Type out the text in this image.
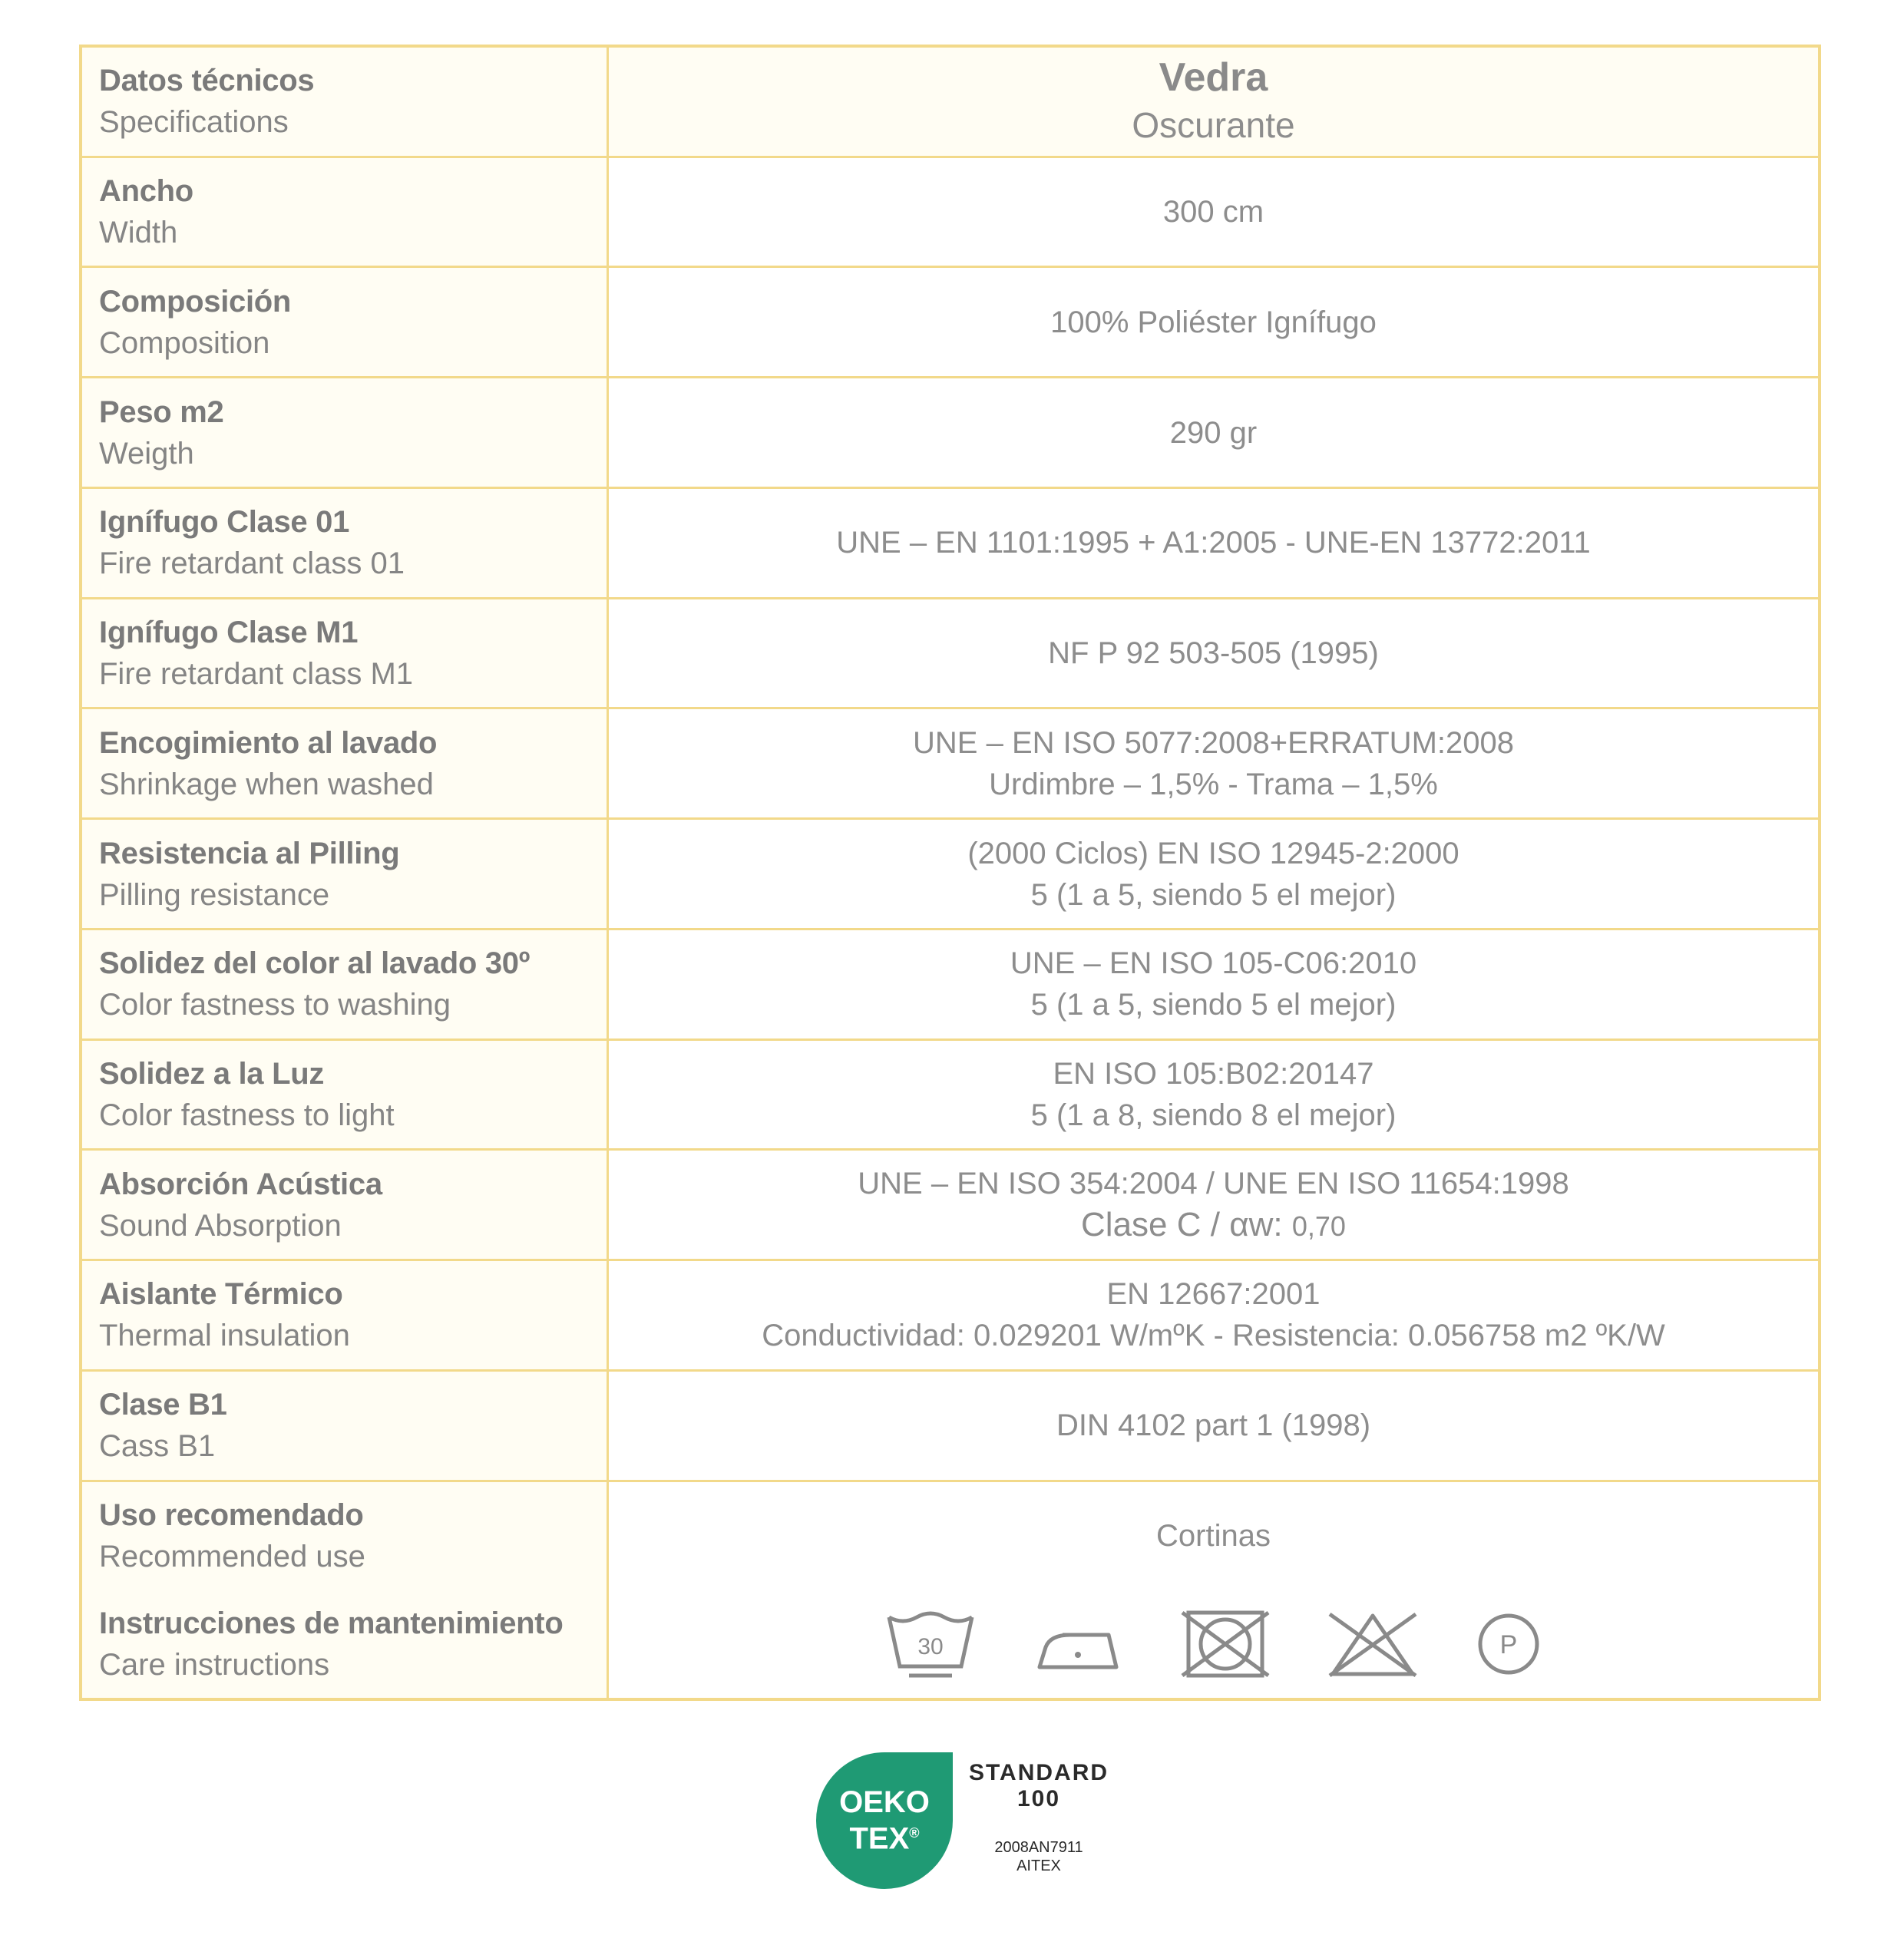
Datos técnicos
Specifications
Vedra
Oscurante
Ancho
Width
300 cm
Composición
Composition
100% Poliéster Ignífugo
Peso m2
Weigth
290 gr
Ignífugo Clase 01
Fire retardant class 01
UNE – EN 1101:1995 + A1:2005 - UNE-EN 13772:2011
Ignífugo Clase M1
Fire retardant class M1
NF P 92 503-505 (1995)
Encogimiento al lavado
Shrinkage when washed
UNE – EN ISO 5077:2008+ERRATUM:2008
Urdimbre – 1,5% - Trama – 1,5%
Resistencia al Pilling
Pilling resistance
(2000 Ciclos) EN ISO 12945-2:2000
5 (1 a 5, siendo 5 el mejor)
Solidez del color al lavado 30º
Color fastness to washing
UNE – EN ISO 105-C06:2010
5 (1 a 5, siendo 5 el mejor)
Solidez a la Luz
Color fastness to light
EN ISO 105:B02:20147
5 (1 a 8, siendo 8 el mejor)
Absorción Acústica
Sound Absorption
UNE – EN ISO 354:2004 / UNE EN ISO 11654:1998
Clase C / αw: 0,70
Aislante Térmico
Thermal insulation
EN 12667:2001
Conductividad: 0.029201 W/mºK - Resistencia: 0.056758 m2 ºK/W
Clase B1
Cass B1
DIN 4102 part 1 (1998)
Uso recomendado
Recommended use
Cortinas
Instrucciones de mantenimiento
Care instructions
30	P
OEKO
TEX®
STANDARD
100
2008AN7911
AITEX
